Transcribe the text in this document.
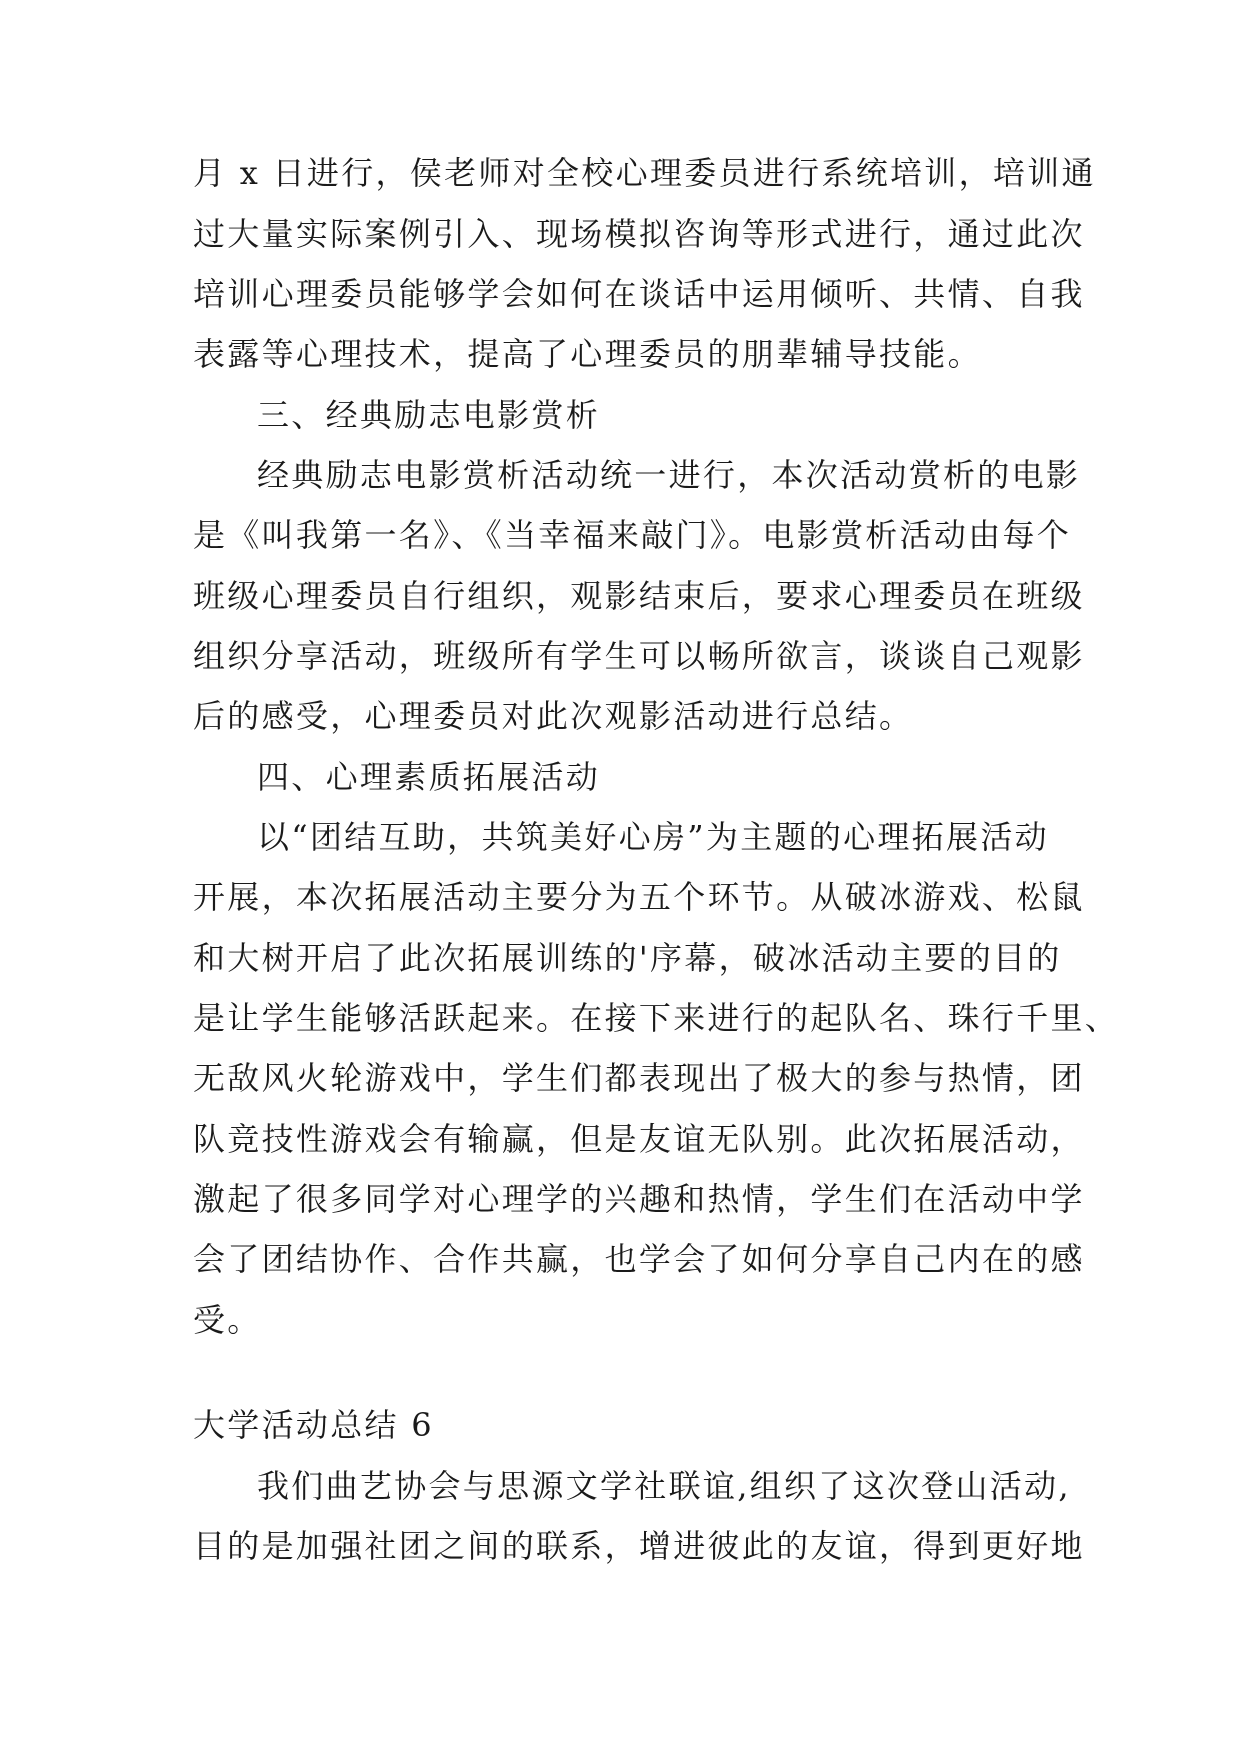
月 x 日进行，侯老师对全校心理委员进行系统培训，培训通
过大量实际案例引入、现场模拟咨询等形式进行，通过此次
培训心理委员能够学会如何在谈话中运用倾听、共情、自我
表露等心理技术，提高了心理委员的朋辈辅导技能。
三、经典励志电影赏析
经典励志电影赏析活动统一进行，本次活动赏析的电影
是《叫我第一名》、《当幸福来敲门》。电影赏析活动由每个
班级心理委员自行组织，观影结束后，要求心理委员在班级
组织分享活动，班级所有学生可以畅所欲言，谈谈自己观影
后的感受，心理委员对此次观影活动进行总结。
四、心理素质拓展活动
以“团结互助，共筑美好心房”为主题的心理拓展活动
开展，本次拓展活动主要分为五个环节。从破冰游戏、松鼠
和大树开启了此次拓展训练的'序幕，破冰活动主要的目的
是让学生能够活跃起来。在接下来进行的起队名、珠行千里、
无敌风火轮游戏中，学生们都表现出了极大的参与热情，团
队竞技性游戏会有输赢，但是友谊无队别。此次拓展活动，
激起了很多同学对心理学的兴趣和热情，学生们在活动中学
会了团结协作、合作共赢，也学会了如何分享自己内在的感
受。
大学活动总结 6
我们曲艺协会与思源文学社联谊,组织了这次登山活动,
目的是加强社团之间的联系，增进彼此的友谊，得到更好地
